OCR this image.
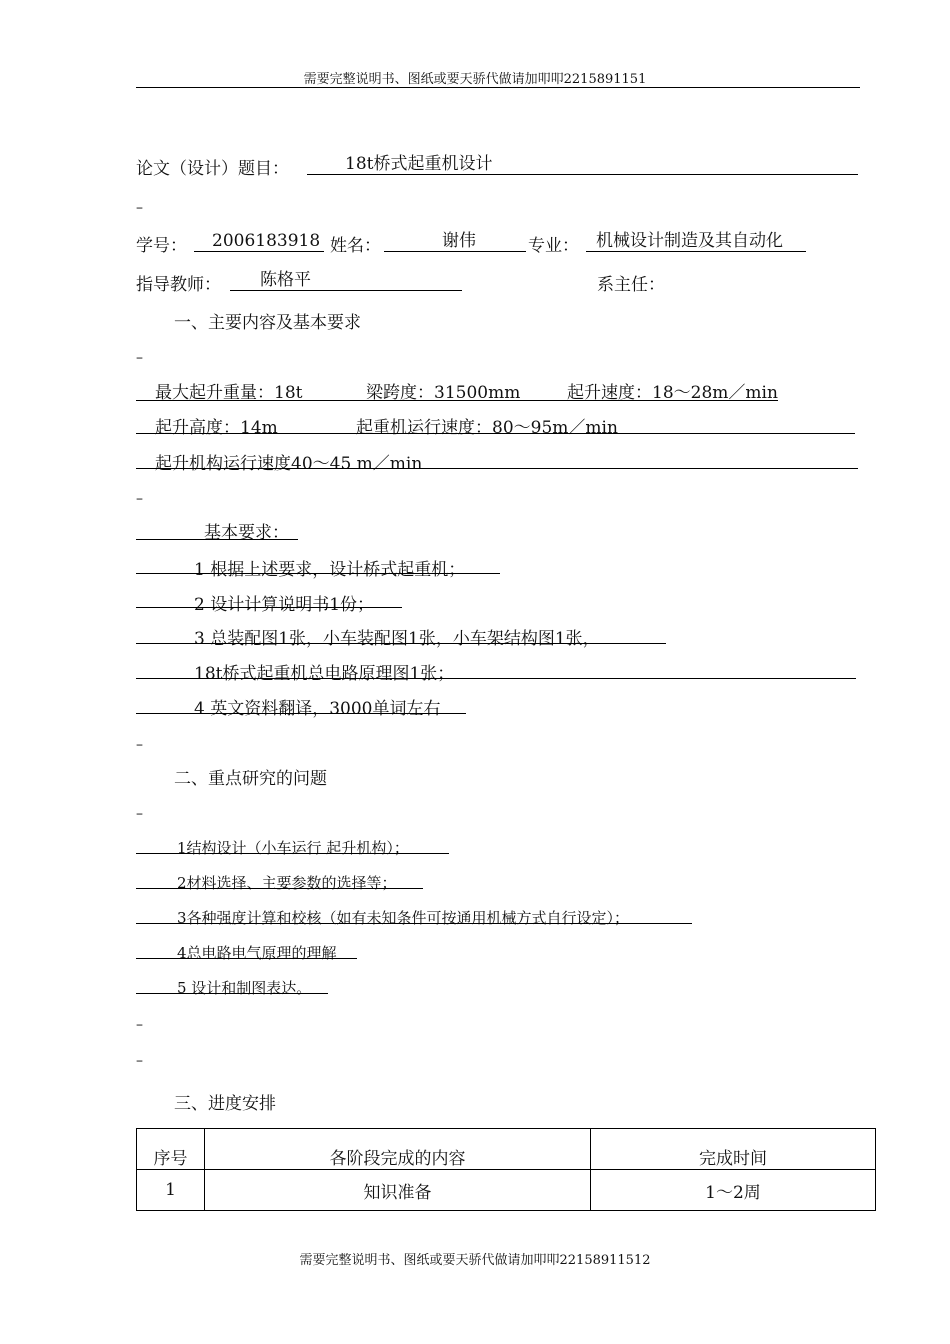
需要完整说明书、图纸或要天骄代做请加叩叩2215891151
论文（设计）题目：	18t桥式起重机设计
–
学号：	2006183918 姓名：	谢伟	专业：	机械设计制造及其自动化
指导教师：	陈格平	系主任：
一、主要内容及基本要求
–
最大起升重量：18t	梁跨度：31500mm	起升速度：18～28m／min
起升高度：14m	起重机运行速度：80～95m／min
起升机构运行速度40～45 m／min
–
基本要求：
1 根据上述要求，设计桥式起重机；
2 设计计算说明书1份；
3 总装配图1张，小车装配图1张，小车架结构图1张，
18t桥式起重机总电路原理图1张；
4 英文资料翻译，3000单词左右
–
二、重点研究的问题
–
1结构设计（小车运行 起升机构）；
2材料选择、主要参数的选择等；
3各种强度计算和校核（如有未知条件可按通用机械方式自行设定）；
4总电路电气原理的理解
5 设计和制图表达。
–
–
三、进度安排
序号	各阶段完成的内容	完成时间
1	知识准备	1～2周
需要完整说明书、图纸或要天骄代做请加叩叩22158911512
